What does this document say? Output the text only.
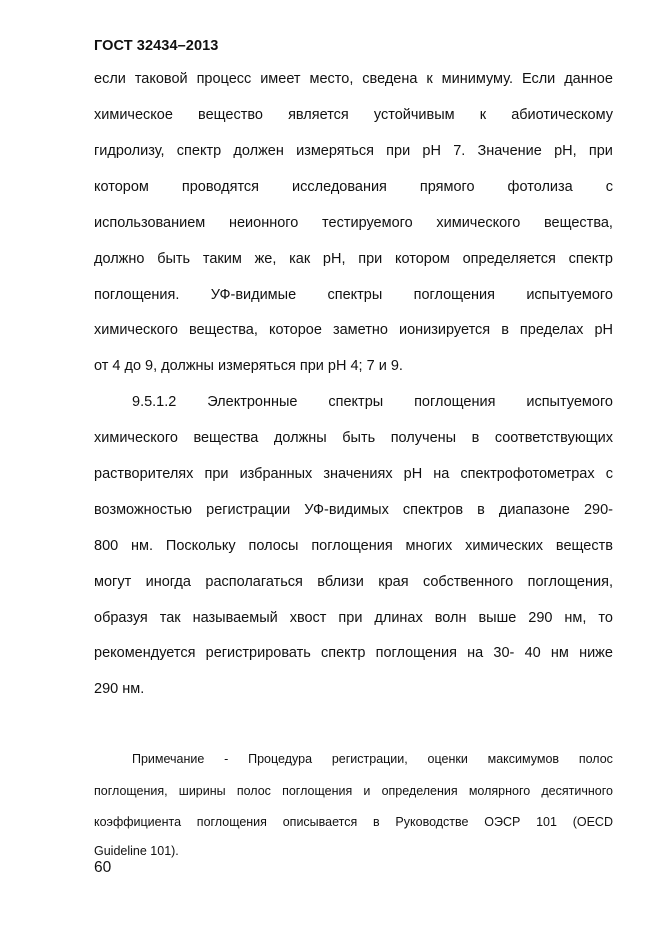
ГОСТ 32434–2013
если таковой процесс имеет место, сведена к минимуму. Если данное
химическое вещество является устойчивым к абиотическому
гидролизу, спектр должен измеряться при pH 7. Значение pH, при
котором проводятся исследования прямого фотолиза с
использованием неионного тестируемого химического вещества,
должно быть таким же, как pH, при котором определяется спектр
поглощения. УФ-видимые спектры поглощения испытуемого
химического вещества, которое заметно ионизируется в пределах pH
от 4 до 9, должны измеряться при pH 4; 7 и 9.
9.5.1.2 Электронные спектры поглощения испытуемого
химического вещества должны быть получены в соответствующих
растворителях при избранных значениях pH на спектрофотометрах с
возможностью регистрации УФ-видимых спектров в диапазоне 290-
800 нм. Поскольку полосы поглощения многих химических веществ
могут иногда располагаться вблизи края собственного поглощения,
образуя так называемый хвост при длинах волн выше 290 нм, то
рекомендуется регистрировать спектр поглощения на 30- 40 нм ниже
290 нм.
Примечание - Процедура регистрации, оценки максимумов полос
поглощения, ширины полос поглощения и определения молярного десятичного
коэффициента поглощения описывается в Руководстве ОЭСР 101 (OECD
Guideline 101).
60
